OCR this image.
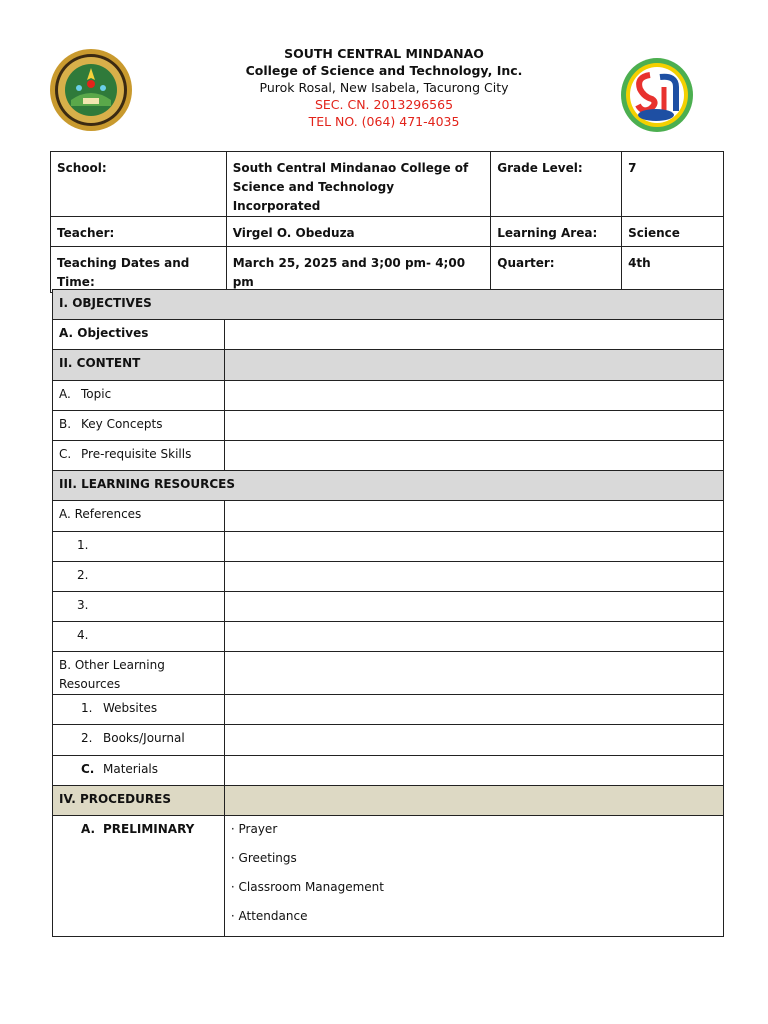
SOUTH CENTRAL MINDANAO
College of Science and Technology, Inc.
Purok Rosal, New Isabela, Tacurong City
SEC. CN. 2013296565
TEL NO. (064) 471-4035
School:	South Central Mindanao College of Science and Technology Incorporated	Grade Level:	7
Teacher:	Virgel O. Obeduza	Learning Area:	Science
Teaching Dates and Time:	March 25, 2025 and 3;00 pm- 4;00 pm	Quarter:	4th
I. OBJECTIVES	
A. Objectives	
II. CONTENT	
A. Topic	
B. Key Concepts	
C. Pre-requisite Skills	
III. LEARNING RESOURCES	
A. References	
1.	
2.	
3.	
4.	
B. Other Learning Resources	
1. Websites	
2. Books/Journal	
C. Materials	
IV. PROCEDURES	
A. PRELIMINARY	· Prayer
· Greetings
· Classroom Management
· Attendance
